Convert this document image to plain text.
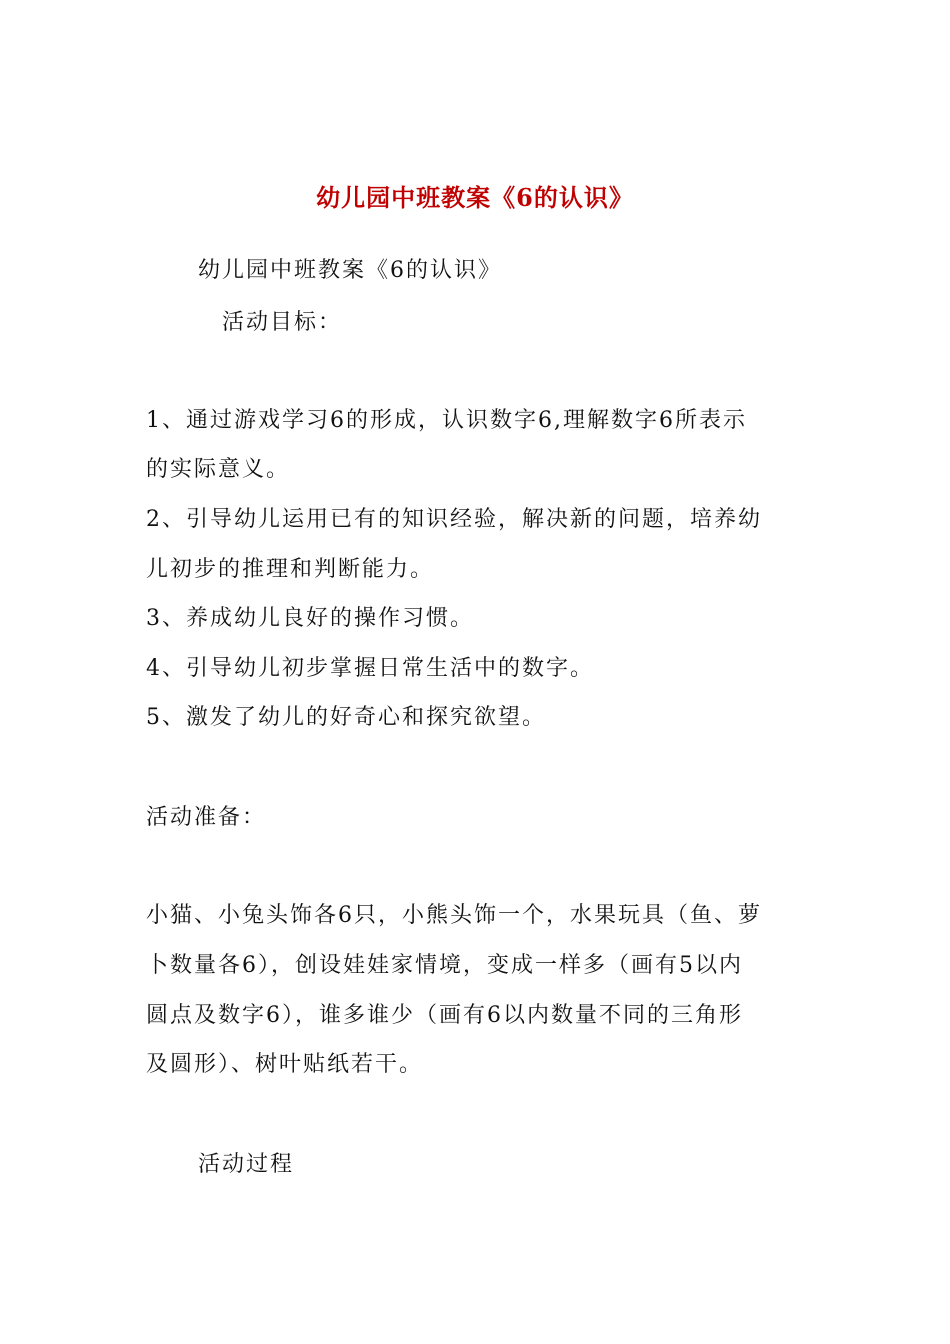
幼儿园中班教案《6的认识》
幼儿园中班教案《6的认识》
活动目标：
1、通过游戏学习6的形成，认识数字6,理解数字6所表示
的实际意义。
2、引导幼儿运用已有的知识经验，解决新的问题，培养幼
儿初步的推理和判断能力。
3、养成幼儿良好的操作习惯。
4、引导幼儿初步掌握日常生活中的数字。
5、激发了幼儿的好奇心和探究欲望。
活动准备：
小猫、小兔头饰各6只，小熊头饰一个，水果玩具（鱼、萝
卜数量各6），创设娃娃家情境，变成一样多（画有5以内
圆点及数字6），谁多谁少（画有6以内数量不同的三角形
及圆形）、树叶贴纸若干。
活动过程
